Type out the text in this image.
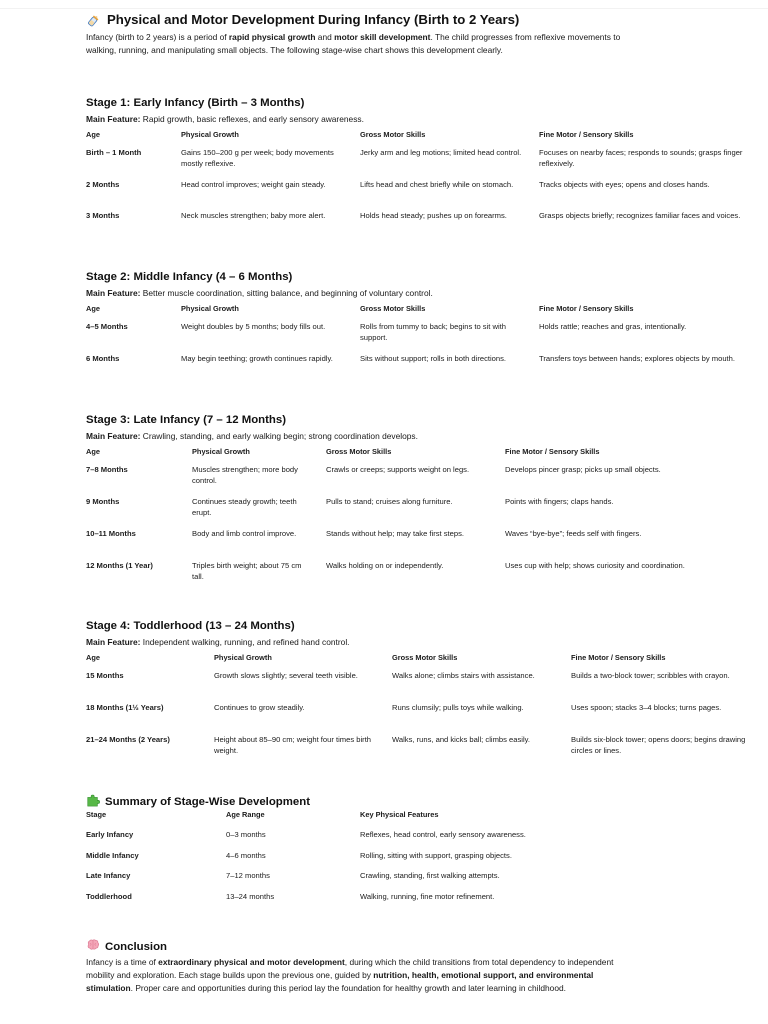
Physical and Motor Development During Infancy (Birth to 2 Years)
Infancy (birth to 2 years) is a period of rapid physical growth and motor skill development. The child progresses from reflexive movements to walking, running, and manipulating small objects. The following stage-wise chart shows this development clearly.
Stage 1: Early Infancy (Birth – 3 Months)
Main Feature: Rapid growth, basic reflexes, and early sensory awareness.
Age	Physical Growth	Gross Motor Skills	Fine Motor / Sensory Skills
Birth – 1 Month	Gains 150–200 g per week; body movements mostly reflexive.	Jerky arm and leg motions; limited head control.	Focuses on nearby faces; responds to sounds; grasps finger reflexively.
2 Months	Head control improves; weight gain steady.	Lifts head and chest briefly while on stomach.	Tracks objects with eyes; opens and closes hands.
3 Months	Neck muscles strengthen; baby more alert.	Holds head steady; pushes up on forearms.	Grasps objects briefly; recognizes familiar faces and voices.
Stage 2: Middle Infancy (4 – 6 Months)
Main Feature: Better muscle coordination, sitting balance, and beginning of voluntary control.
Age	Physical Growth	Gross Motor Skills	Fine Motor / Sensory Skills
4–5 Months	Weight doubles by 5 months; body fills out.	Rolls from tummy to back; begins to sit with support.	Holds rattle; reaches and gras, intentionally.
6 Months	May begin teething; growth continues rapidly.	Sits without support; rolls in both directions.	Transfers toys between hands; explores objects by mouth.
Stage 3: Late Infancy (7 – 12 Months)
Main Feature: Crawling, standing, and early walking begin; strong coordination develops.
Age	Physical Growth	Gross Motor Skills	Fine Motor / Sensory Skills
7–8 Months	Muscles strengthen; more body control.	Crawls or creeps; supports weight on legs.	Develops pincer grasp; picks up small objects.
9 Months	Continues steady growth; teeth erupt.	Pulls to stand; cruises along furniture.	Points with fingers; claps hands.
10–11 Months	Body and limb control improve.	Stands without help; may take first steps.	Waves “bye-bye”; feeds self with fingers.
12 Months (1 Year)	Triples birth weight; about 75 cm tall.	Walks holding on or independently.	Uses cup with help; shows curiosity and coordination.
Stage 4: Toddlerhood (13 – 24 Months)
Main Feature: Independent walking, running, and refined hand control.
Age	Physical Growth	Gross Motor Skills	Fine Motor / Sensory Skills
15 Months	Growth slows slightly; several teeth visible.	Walks alone; climbs stairs with assistance.	Builds a two-block tower; scribbles with crayon.
18 Months (1½ Years)	Continues to grow steadily.	Runs clumsily; pulls toys while walking.	Uses spoon; stacks 3–4 blocks; turns pages.
21–24 Months (2 Years)	Height about 85–90 cm; weight four times birth weight.	Walks, runs, and kicks ball; climbs easily.	Builds six-block tower; opens doors; begins drawing circles or lines.
Summary of Stage-Wise Development
Stage	Age Range	Key Physical Features
Early Infancy	0–3 months	Reflexes, head control, early sensory awareness.
Middle Infancy	4–6 months	Rolling, sitting with support, grasping objects.
Late Infancy	7–12 months	Crawling, standing, first walking attempts.
Toddlerhood	13–24 months	Walking, running, fine motor refinement.
Conclusion
Infancy is a time of extraordinary physical and motor development, during which the child transitions from total dependency to independent mobility and exploration. Each stage builds upon the previous one, guided by nutrition, health, emotional support, and environmental stimulation. Proper care and opportunities during this period lay the foundation for healthy growth and later learning in childhood.
